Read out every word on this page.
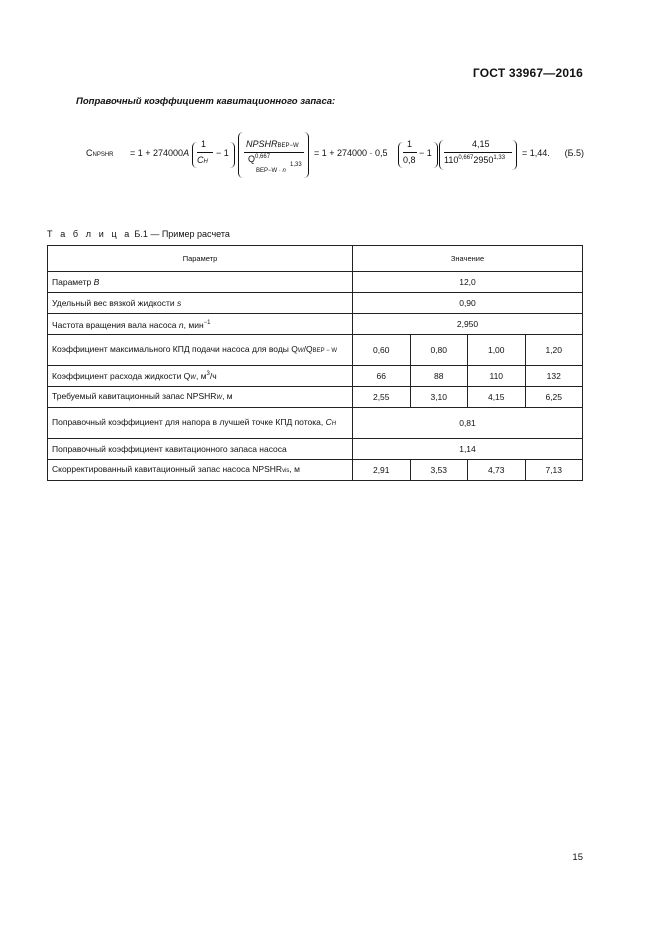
ГОСТ 33967—2016
Поправочный коэффициент кавитационного запаса:
CNPSHR = 1 + 274000A
1
CH
− 1
NPSHRBEP−W
Q$^{0,667}$
BEP−W · n
1,33
= 1 + 274000 · 0,5
1
0,8
− 1
4,15
$110^{0,667}2950^{1,33} = 1,44$. (Б.5)
Т а б л и ц а Б.1 — Пример расчета
Параметр	Значение			
Параметр B	12,0			
Удельный вес вязкой жидкости s	0,90			
Частота вращения вала насоса n, мин$^{-1}$	2,950			
Коэффициент максимального КПД подачи насоса для воды QW/QBEP − W	0,60	0,80	1,00	1,20
Коэффициент расхода жидкости QW, $м^3/ч$	66	88	110	132
Требуемый кавитационный запас NPSHRW, м	2,55	3,10	4,15	6,25
Поправочный коэффициент для напора в лучшей точке КПД потока, CH	0,81			
Поправочный коэффициент кавитационного запаса насоса	1,14			
Скорректированный кавитационный запас насоса NPSHRvis, м	2,91	3,53	4,73	7,13
15
